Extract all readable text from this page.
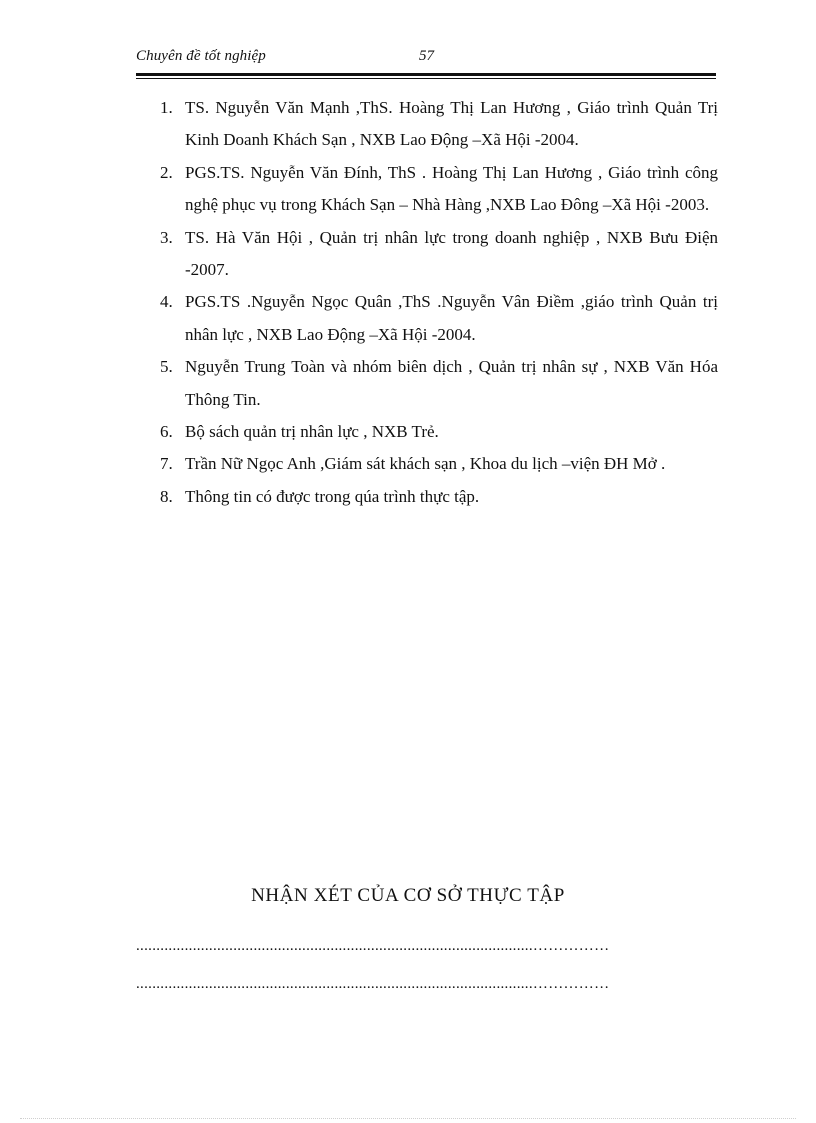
Chuyên đề tốt nghiệp	57
1. TS. Nguyễn Văn Mạnh ,ThS. Hoàng Thị Lan Hương , Giáo trình Quản Trị Kinh Doanh Khách Sạn , NXB Lao Động –Xã Hội -2004.
2. PGS.TS. Nguyễn Văn Đính, ThS . Hoàng Thị Lan Hương , Giáo trình công nghệ phục vụ trong Khách Sạn – Nhà Hàng ,NXB Lao Đông –Xã Hội -2003.
3. TS. Hà Văn Hội , Quản trị nhân lực trong doanh nghiệp , NXB Bưu Điện -2007.
4. PGS.TS .Nguyễn Ngọc Quân ,ThS .Nguyễn Vân Điềm ,giáo trình Quản trị nhân lực , NXB Lao Động –Xã Hội -2004.
5. Nguyễn Trung Toàn và nhóm biên dịch , Quản trị nhân sự , NXB Văn Hóa Thông Tin.
6. Bộ sách quản trị nhân lực , NXB Trẻ.
7. Trần Nữ Ngọc Anh ,Giám sát khách sạn , Khoa du lịch –viện ĐH Mở .
8. Thông tin có được trong qúa trình thực tập.
NHẬN XÉT CỦA CƠ SỞ THỰC TẬP
..................................................................................................……………
..................................................................................................……………
